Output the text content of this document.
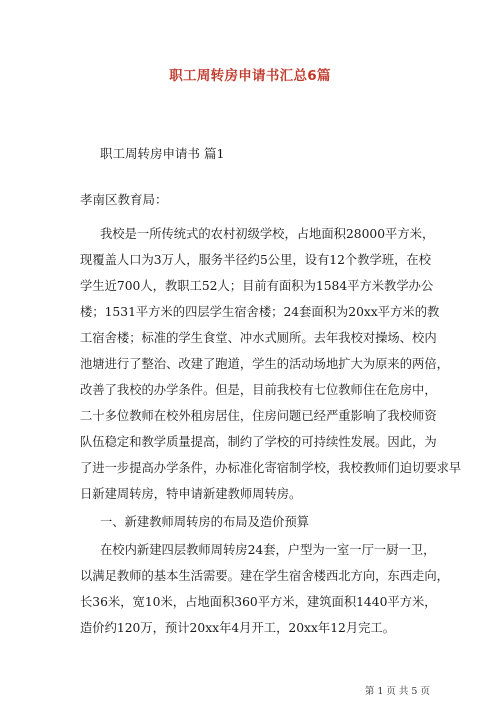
职工周转房申请书汇总6篇
职工周转房申请书 篇1
孝南区教育局：
我校是一所传统式的农村初级学校，占地面积28000平方米，
现覆盖人口为3万人，服务半径约5公里，设有12个教学班，在校
学生近700人，教职工52人；目前有面积为1584平方米教学办公
楼；1531平方米的四层学生宿舍楼；24套面积为20xx平方米的教
工宿舍楼；标准的学生食堂、冲水式厕所。去年我校对操场、校内
池塘进行了整治、改建了跑道，学生的活动场地扩大为原来的两倍，
改善了我校的办学条件。但是，目前我校有七位教师住在危房中，
二十多位教师在校外租房居住，住房问题已经严重影响了我校师资
队伍稳定和教学质量提高，制约了学校的可持续性发展。因此，为
了进一步提高办学条件，办标准化寄宿制学校，我校教师们迫切要求早
日新建周转房，特申请新建教师周转房。
一、新建教师周转房的布局及造价预算
在校内新建四层教师周转房24套，户型为一室一厅一厨一卫，
以满足教师的基本生活需要。建在学生宿舍楼西北方向，东西走向，
长36米，宽10米，占地面积360平方米，建筑面积1440平方米，
造价约120万，预计20xx年4月开工，20xx年12月完工。
第 1 页 共 5 页
